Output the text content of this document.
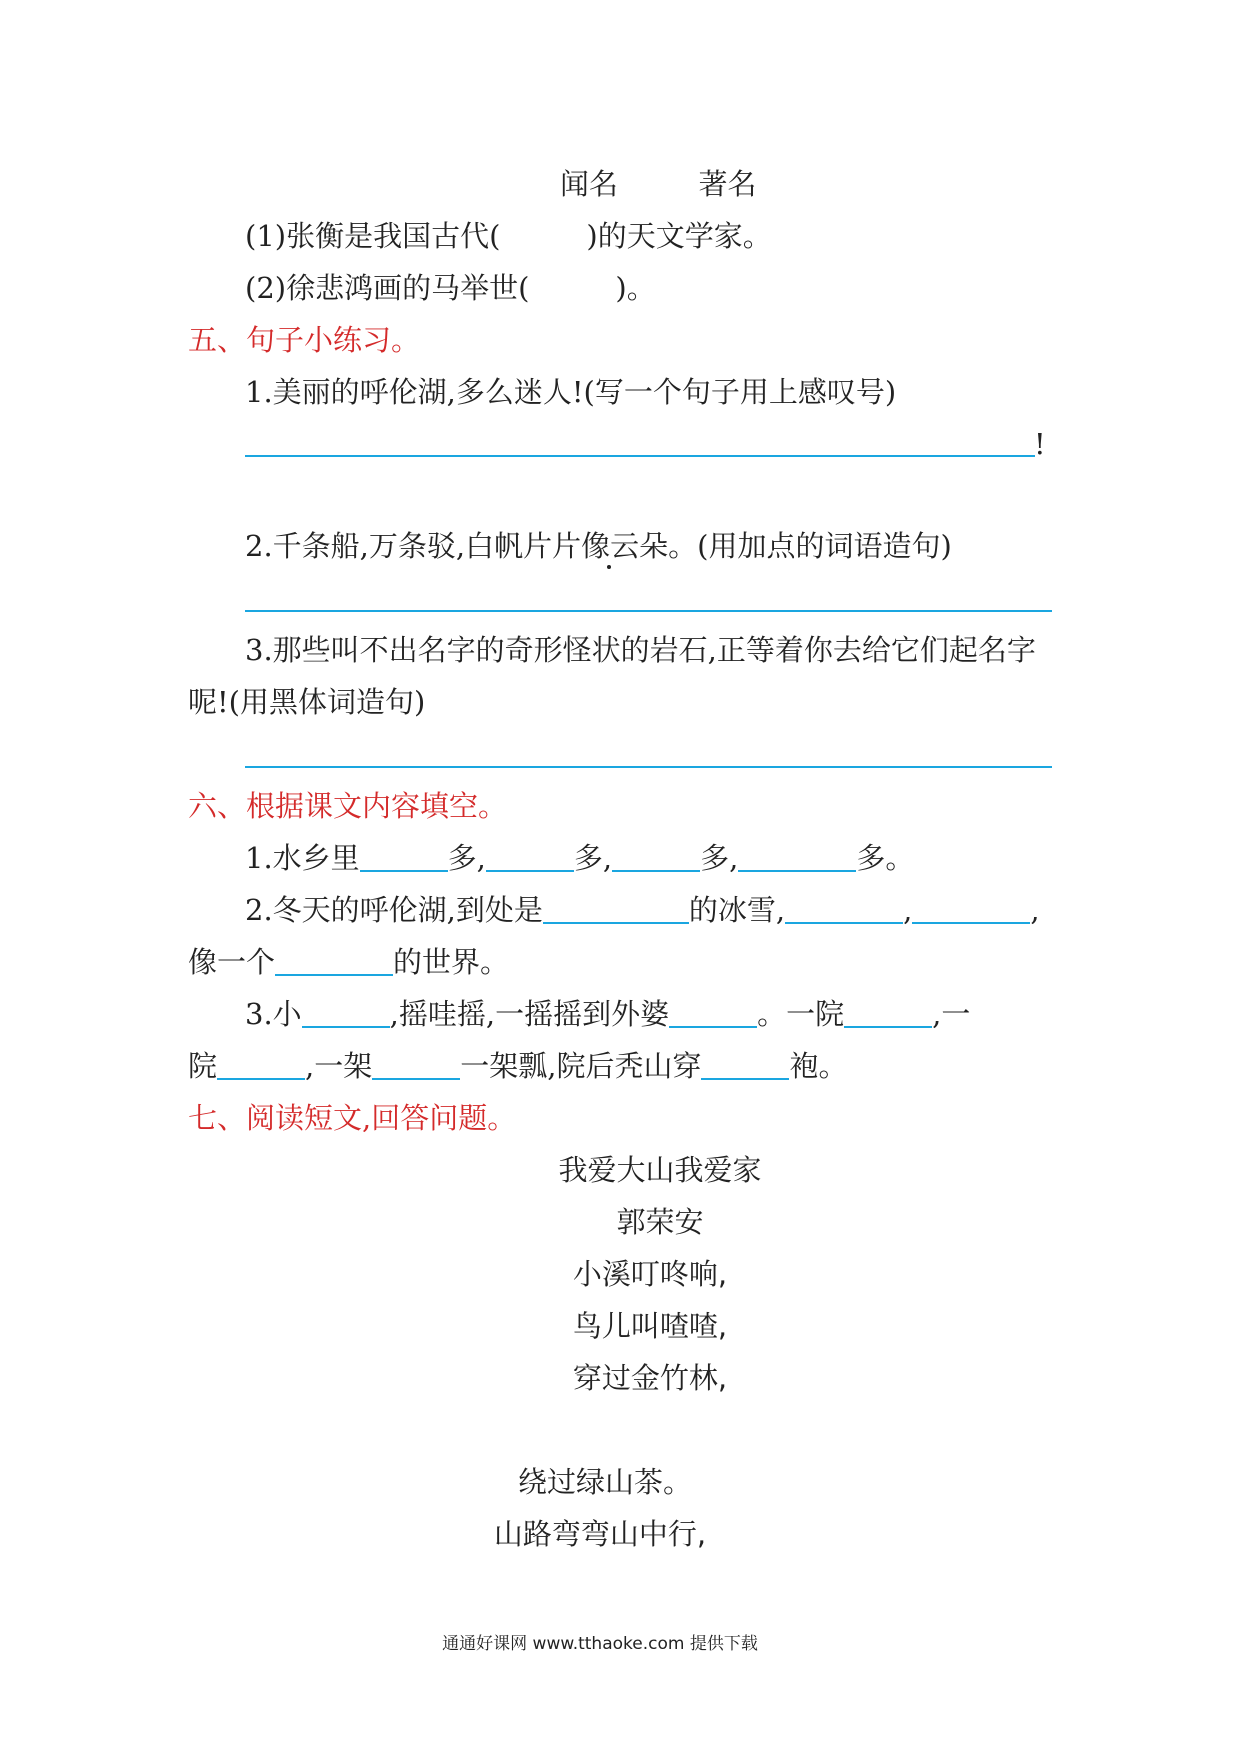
闻名	著名
(1)张衡是我国古代(	)的天文学家。
(2)徐悲鸿画的马举世(	)。
五、句子小练习。
1.美丽的呼伦湖,多么迷人!(写一个句子用上感叹号)
!
2.千条船,万条驳,白帆片片像云朵。(用加点的词语造句)
3.那些叫不出名字的奇形怪状的岩石,正等着你去给它们起名字
呢!(用黑体词造句)
六、根据课文内容填空。
1.水乡里	多,	多,	多,	多。
2.冬天的呼伦湖,到处是	的冰雪,	,	,
像一个	的世界。
3.小	,摇哇摇,一摇摇到外婆	。一院	,一
院	,一架	一架瓢,院后秃山穿	袍。
七、阅读短文,回答问题。
我爱大山我爱家
郭荣安
小溪叮咚响,
鸟儿叫喳喳,
穿过金竹林,
绕过绿山茶。
山路弯弯山中行,
通通好课网 www.tthaoke.com 提供下载
